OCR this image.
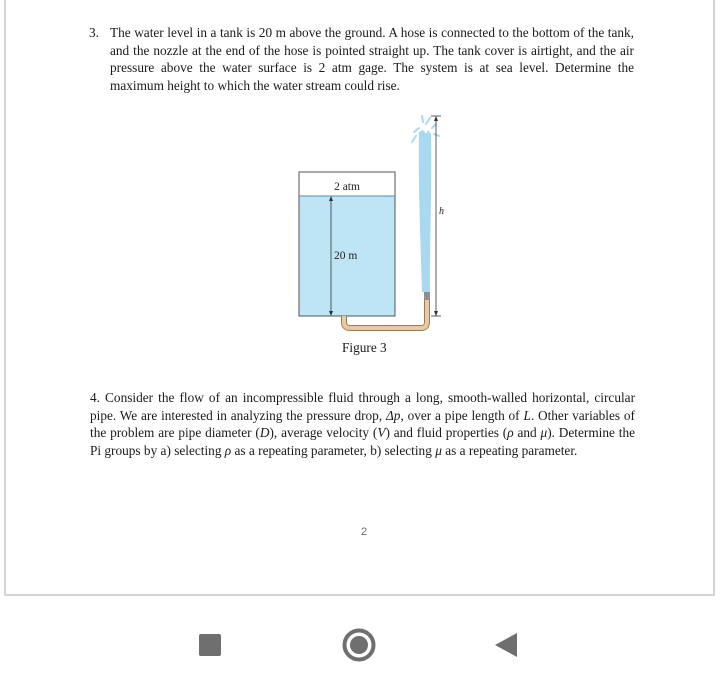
3. The water level in a tank is 20 m above the ground. A hose is connected to the bottom of the tank, and the nozzle at the end of the hose is pointed straight up. The tank cover is airtight, and the air pressure above the water surface is 2 atm gage. The system is at sea level. Determine the maximum height to which the water stream could rise.
2 atm
20 m
h
Figure 3
4. Consider the flow of an incompressible fluid through a long, smooth-walled horizontal, circular pipe. We are interested in analyzing the pressure drop, Δp, over a pipe length of L. Other variables of the problem are pipe diameter (D), average velocity (V) and fluid properties (ρ and μ). Determine the Pi groups by a) selecting ρ as a repeating parameter, b) selecting μ as a repeating parameter.
2
